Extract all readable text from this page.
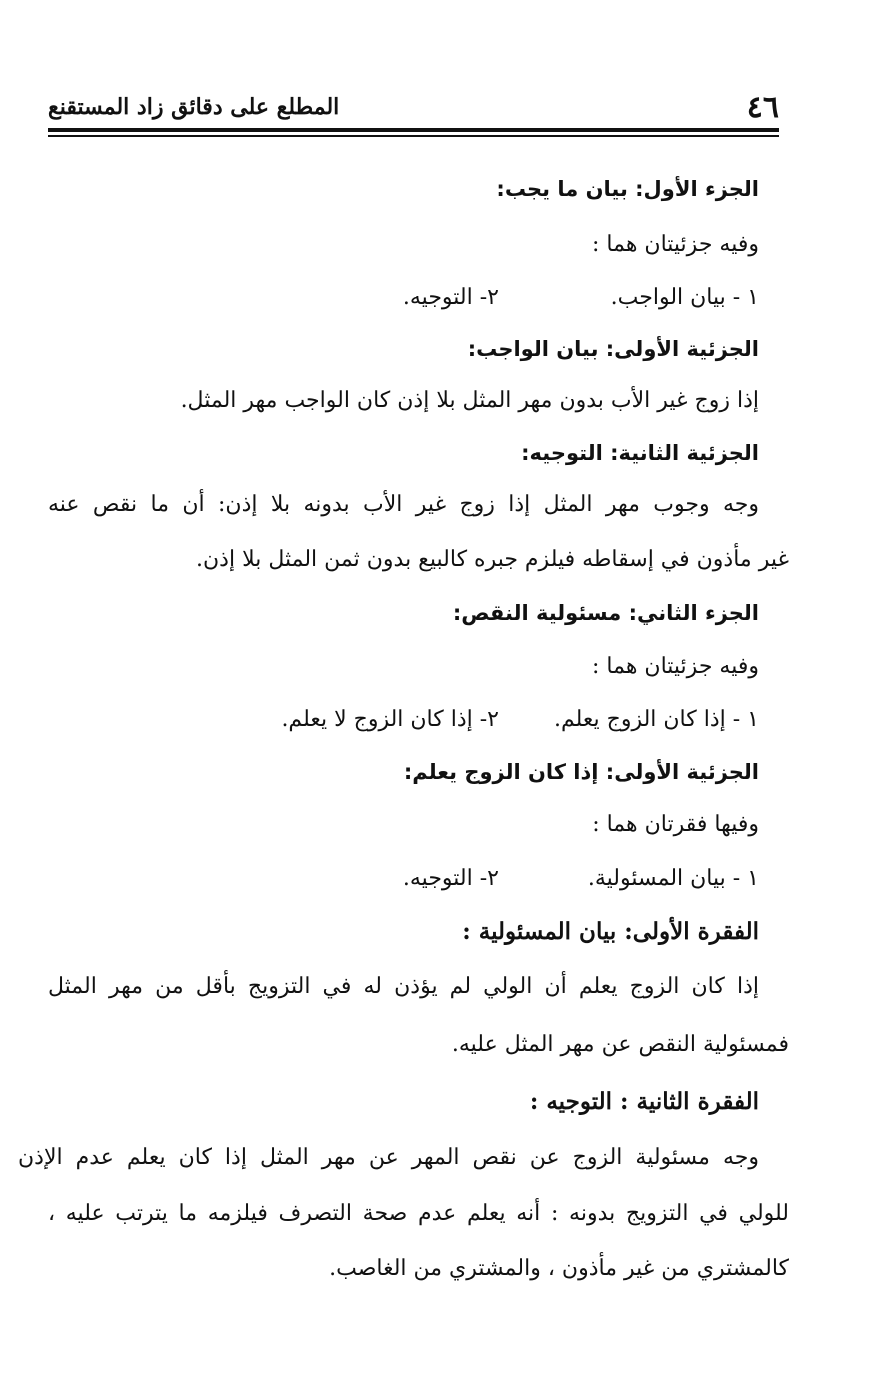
٤٦
المطلع على دقائق زاد المستقنع
الجزء الأول: بيان ما يجب:
وفيه جزئيتان هما :
١ - بيان الواجب.
٢- التوجيه.
الجزئية الأولى: بيان الواجب:
إذا زوج غير الأب بدون مهر المثل بلا إذن كان الواجب مهر المثل.
الجزئية الثانية: التوجيه:
وجه وجوب مهر المثل إذا زوج غير الأب بدونه بلا إذن: أن ما نقص عنه
غير مأذون في إسقاطه فيلزم جبره كالبيع بدون ثمن المثل بلا إذن.
الجزء الثاني: مسئولية النقص:
وفيه جزئيتان هما :
١ - إذا كان الزوج يعلم.
٢- إذا كان الزوج لا يعلم.
الجزئية الأولى: إذا كان الزوج يعلم:
وفيها فقرتان هما :
١ - بيان المسئولية.
٢- التوجيه.
الفقرة الأولى: بيان المسئولية :
إذا كان الزوج يعلم أن الولي لم يؤذن له في التزويج بأقل من مهر المثل
فمسئولية النقص عن مهر المثل عليه.
الفقرة الثانية : التوجيه :
وجه مسئولية الزوج عن نقص المهر عن مهر المثل إذا كان يعلم عدم الإذن
للولي في التزويج بدونه : أنه يعلم عدم صحة التصرف فيلزمه ما يترتب عليه ،
كالمشتري من غير مأذون ، والمشتري من الغاصب.
